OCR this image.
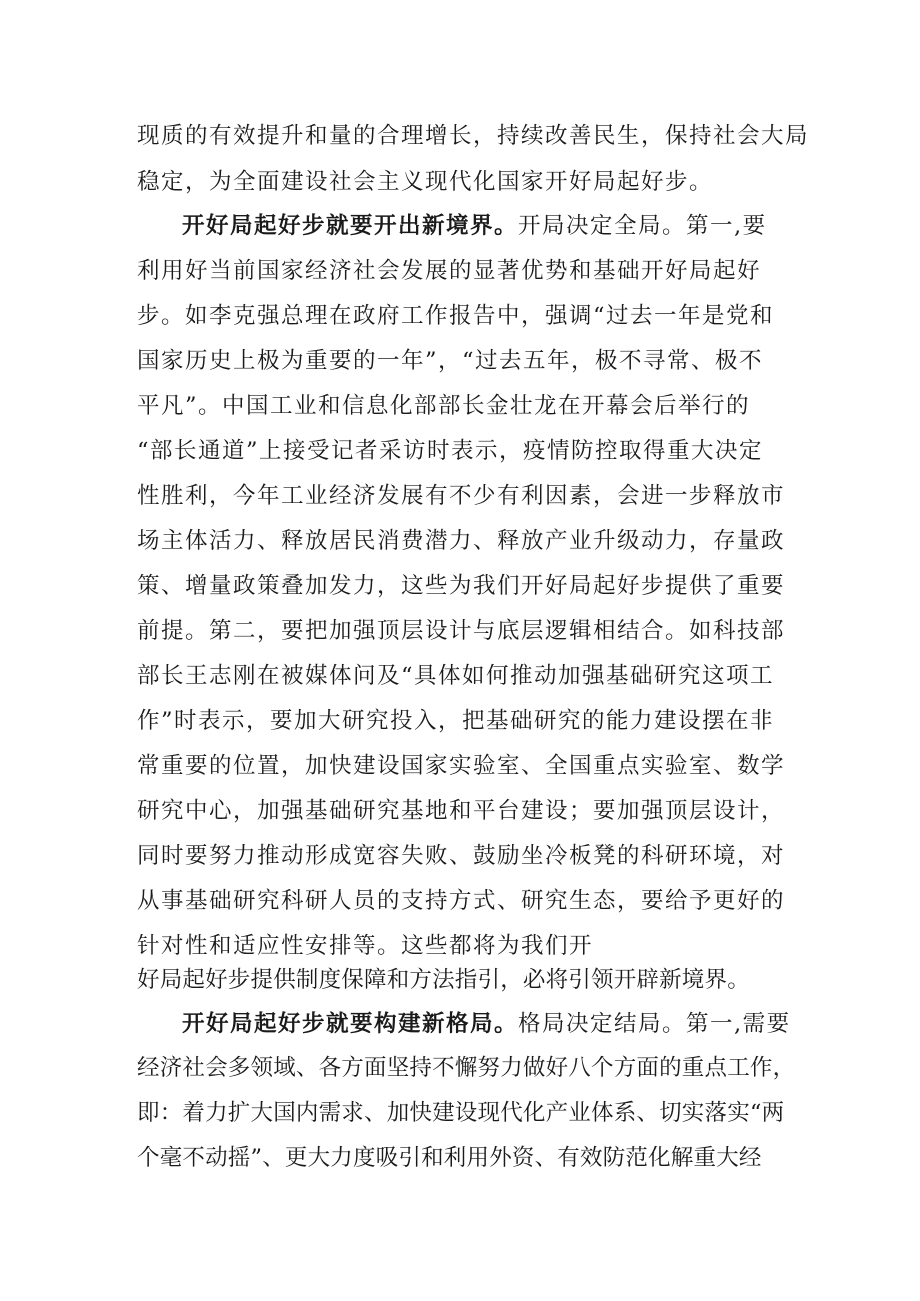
现质的有效提升和量的合理增长，持续改善民生，保持社会大局

稳定，为全面建设社会主义现代化国家开好局起好步。

开好局起好步就要开出新境界。开局决定全局。第一,要

利用好当前国家经济社会发展的显著优势和基础开好局起好

步。如李克强总理在政府工作报告中，强调“过去一年是党和

国家历史上极为重要的一年”，“过去五年，极不寻常、极不

平凡”。中国工业和信息化部部长金壮龙在开幕会后举行的

“部长通道”上接受记者采访时表示，疫情防控取得重大决定

性胜利，今年工业经济发展有不少有利因素，会进一步释放市

场主体活力、释放居民消费潜力、释放产业升级动力，存量政

策、增量政策叠加发力，这些为我们开好局起好步提供了重要

前提。第二，要把加强顶层设计与底层逻辑相结合。如科技部

部长王志刚在被媒体问及“具体如何推动加强基础研究这项工

作”时表示，要加大研究投入，把基础研究的能力建设摆在非

常重要的位置，加快建设国家实验室、全国重点实验室、数学

研究中心，加强基础研究基地和平台建设；要加强顶层设计，

同时要努力推动形成宽容失败、鼓励坐冷板凳的科研环境，对

从事基础研究科研人员的支持方式、研究生态，要给予更好的

针对性和适应性安排等。这些都将为我们开

好局起好步提供制度保障和方法指引，必将引领开辟新境界。

开好局起好步就要构建新格局。格局决定结局。第一,需要

经济社会多领域、各方面坚持不懈努力做好八个方面的重点工作，

即：着力扩大国内需求、加快建设现代化产业体系、切实落实“两

个毫不动摇”、更大力度吸引和利用外资、有效防范化解重大经
